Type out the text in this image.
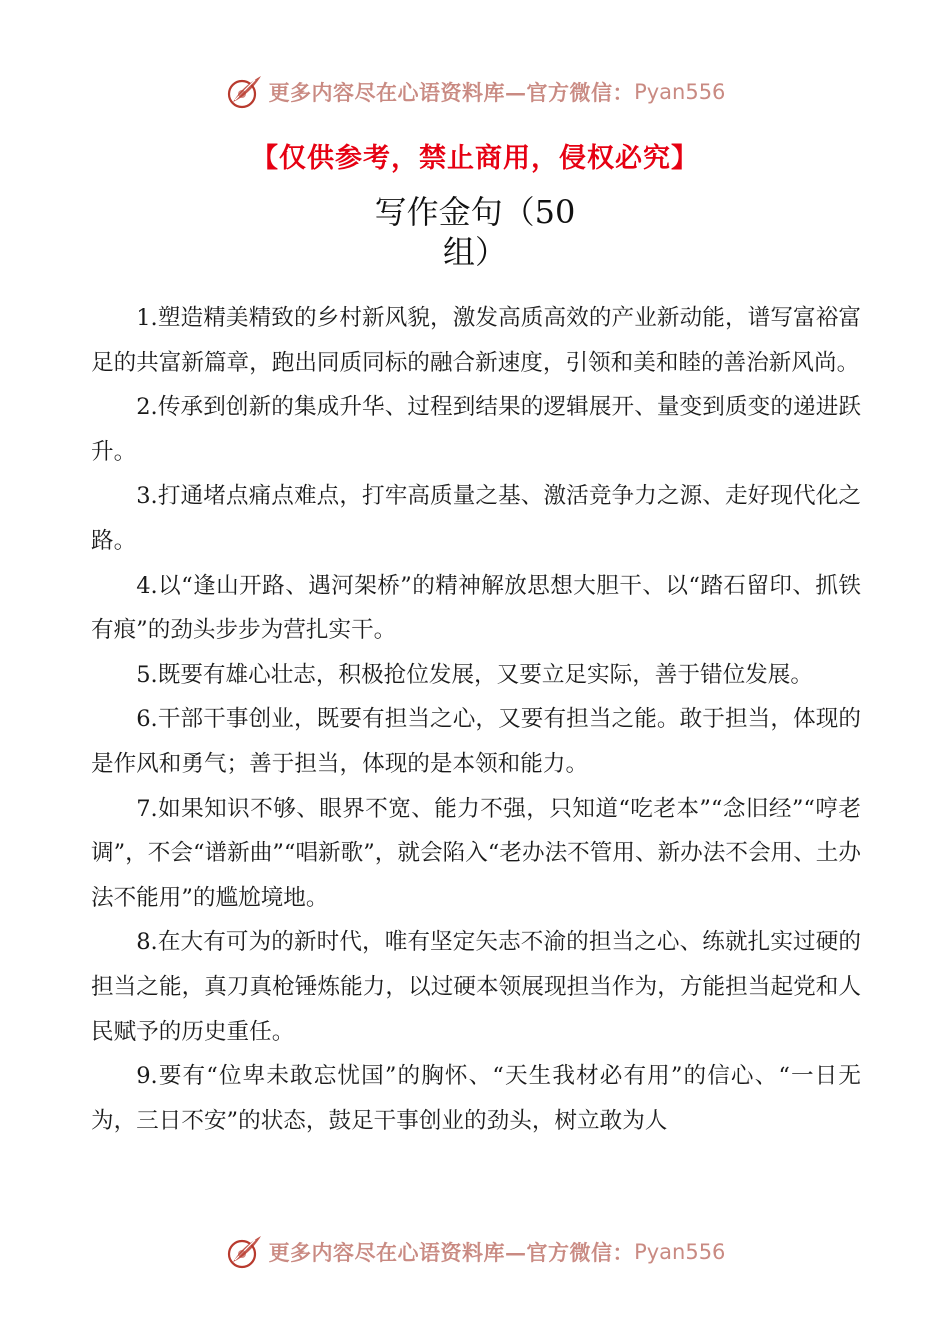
更多内容尽在心语资料库—官方微信： Pyan556
【仅供参考，禁止商用，侵权必究】
写作金句（50
组）

1.塑造精美精致的乡村新风貌，激发高质高效的产业新动能，谱写富裕富足的共富新篇章，跑出同质同标的融合新速度，引领和美和睦的善治新风尚。

2.传承到创新的集成升华、过程到结果的逻辑展开、量变到质变的递进跃升。

3.打通堵点痛点难点，打牢高质量之基、激活竞争力之源、走好现代化之路。

4.以“逢山开路、遇河架桥”的精神解放思想大胆干、以“踏石留印、抓铁有痕”的劲头步步为营扎实干。

5.既要有雄心壮志，积极抢位发展，又要立足实际，善于错位发展。

6.干部干事创业，既要有担当之心，又要有担当之能。敢于担当，体现的是作风和勇气；善于担当，体现的是本领和能力。

7.如果知识不够、眼界不宽、能力不强，只知道“吃老本”“念旧经”“哼老调”，不会“谱新曲”“唱新歌”，就会陷入“老办法不管用、新办法不会用、土办法不能用”的尴尬境地。

8.在大有可为的新时代，唯有坚定矢志不渝的担当之心、练就扎实过硬的担当之能，真刀真枪锤炼能力，以过硬本领展现担当作为，方能担当起党和人民赋予的历史重任。

9.要有“位卑未敢忘忧国”的胸怀、“天生我材必有用”的信心、“一日无为，三日不安”的状态，鼓足干事创业的劲头，树立敢为人

更多内容尽在心语资料库—官方微信： Pyan556
